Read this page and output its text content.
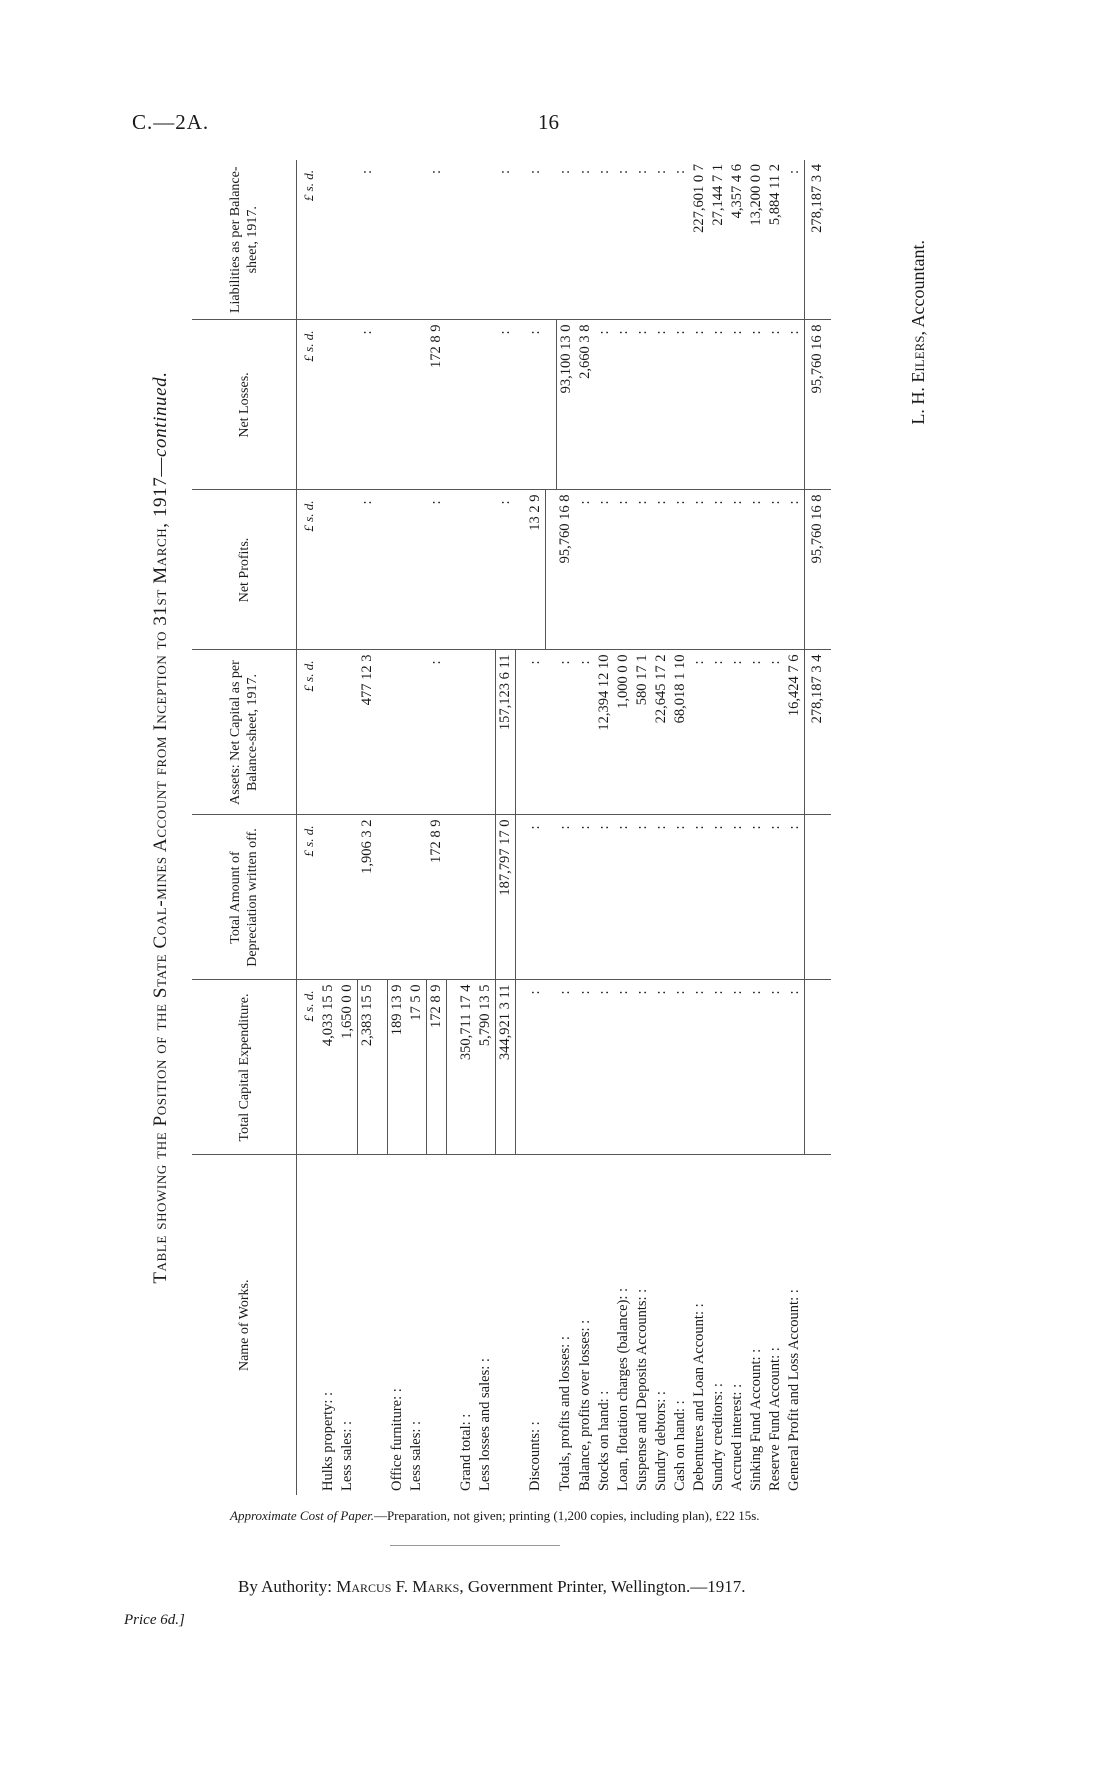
C.—2A.	16
Table showing the Position of the State Coal-mines Account from Inception to 31st March, 1917—continued.
Name of Works.	Total Capital Expenditure.	Total Amount of Depreciation written off.	Assets: Net Capital as per Balance-sheet, 1917.	Net Profits.	Net Losses.	Liabilities as per Balance-sheet, 1917.
	£ s. d.	£ s. d.	£ s. d.	£ s. d.	£ s. d.	£ s. d.
Hulks property: :	4,033 15 5					
Less sales: :	1,650 0 0					
	2,383 15 5	1,906 3 2	477 12 3	:	:	:

Office furniture: :	189 13 9					
Less sales: :	17 5 0					
	172 8 9	172 8 9	:	:	172 8 9	:

Grand total: :	350,711 17 4					
Less losses and sales: :	5,790 13 5					
	344,921 3 11	187,797 17 0	157,123 6 11	:	:	:

Discounts: :	:	:	:	13 2 9	:	:

Totals, profits and losses: :	:	:	:	95,760 16 8	93,100 13 0	:
Balance, profits over losses: :	:	:	:	:	2,660 3 8	:
Stocks on hand: :	:	:	12,394 12 10	:	:	:
Loan, flotation charges (balance): :	:	:	1,000 0 0	:	:	:
Suspense and Deposits Accounts: :	:	:	580 17 1	:	:	:
Sundry debtors: :	:	:	22,645 17 2	:	:	:
Cash on hand: :	:	:	68,018 1 10	:	:	:
Debentures and Loan Account: :	:	:	:	:	:	227,601 0 7
Sundry creditors: :	:	:	:	:	:	27,144 7 1
Accrued interest: :	:	:	:	:	:	4,357 4 6
Sinking Fund Account: :	:	:	:	:	:	13,200 0 0
Reserve Fund Account: :	:	:	:	:	:	5,884 11 2
General Profit and Loss Account: :	:	:	16,424 7 6	:	:	:
			278,187 3 4	95,760 16 8	95,760 16 8	278,187 3 4
L. H. Eilers, Accountant.
Approximate Cost of Paper.—Preparation, not given; printing (1,200 copies, including plan), £22 15s.
By Authority: Marcus F. Marks, Government Printer, Wellington.—1917.
Price 6d.]
